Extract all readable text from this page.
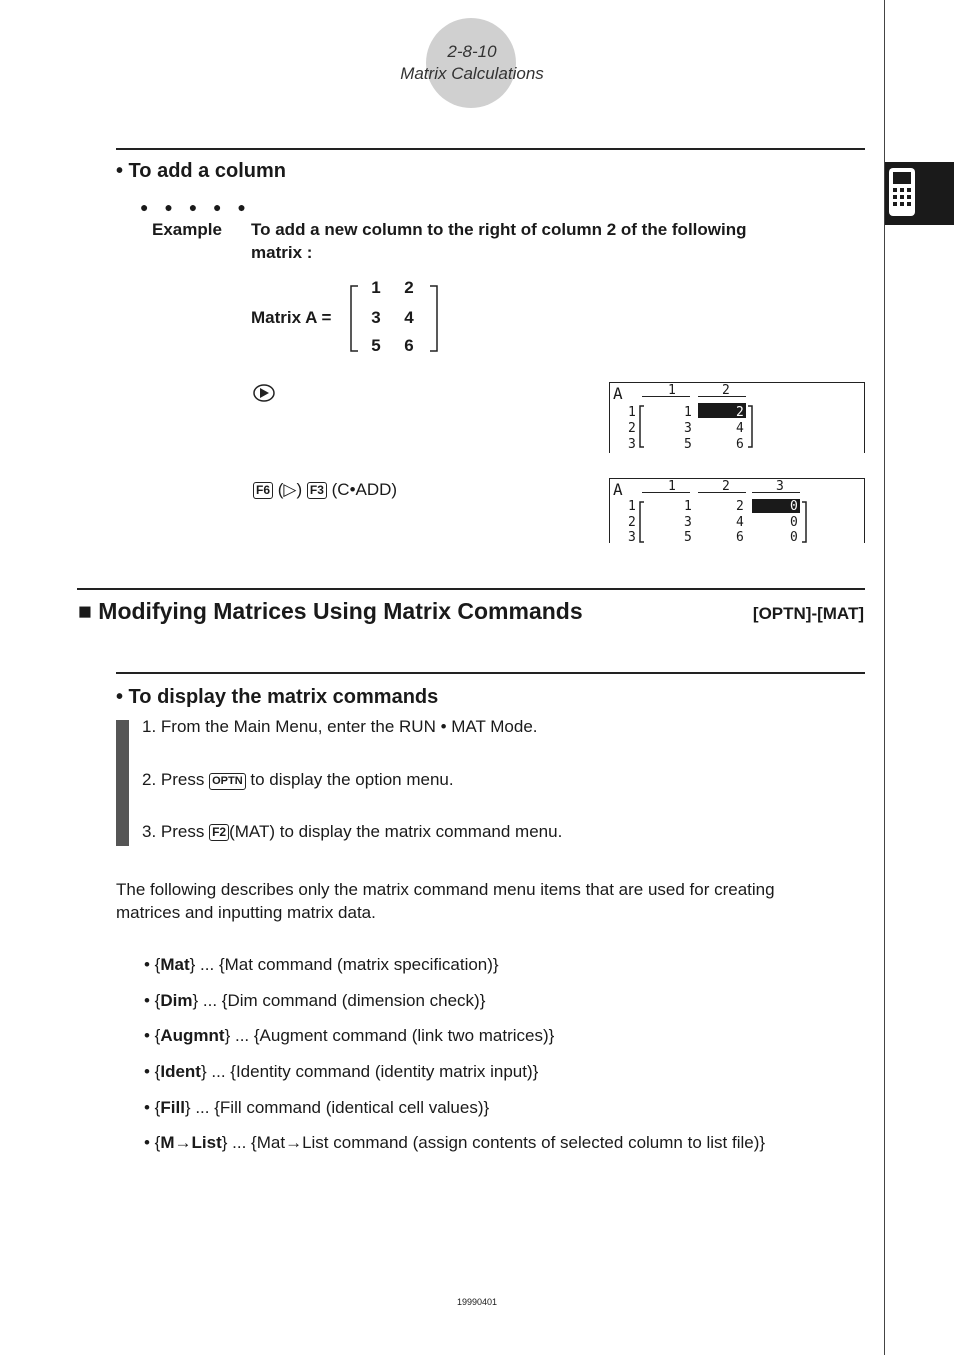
2-8-10
Matrix Calculations
• To add a column
● ● ● ● ●
Example To add a new column to the right of column 2 of the following
matrix :
Matrix A =
1	2
3	4
5	6
A	1	2
1	1	2
2	3	4
3	5	6
F6 (▷) F3 (C•ADD)	A	1	2	3
1	1	2	0
2	3	4	0
3	5	6	0
■ Modifying Matrices Using Matrix Commands	[OPTN]-[MAT]
• To display the matrix commands
1. From the Main Menu, enter the RUN • MAT Mode.
2. Press OPTN to display the option menu.
3. Press F2 (MAT) to display the matrix command menu.
The following describes only the matrix command menu items that are used for creating
matrices and inputting matrix data.
• {Mat} ... {Mat command (matrix specification)}
• {Dim} ... {Dim command (dimension check)}
• {Augmnt} ... {Augment command (link two matrices)}
• {Ident} ... {Identity command (identity matrix input)}
• {Fill} ... {Fill command (identical cell values)}
• {M→List} ... {Mat→List command (assign contents of selected column to list file)}
19990401
